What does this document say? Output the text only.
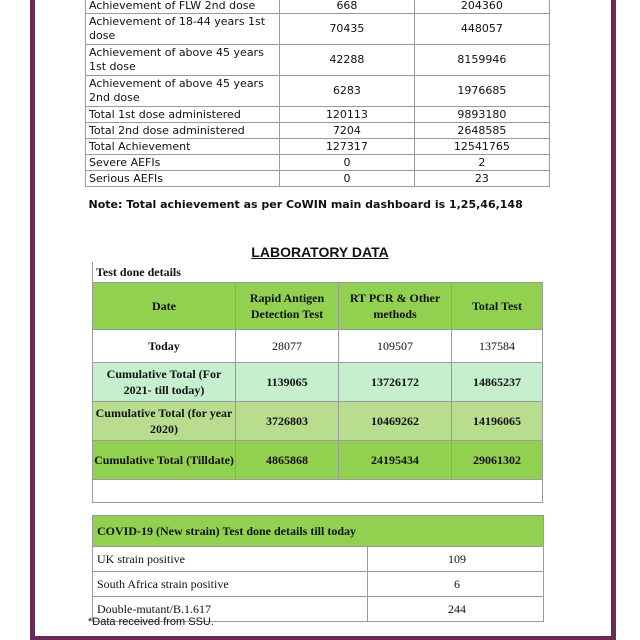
Achievement of FLW 2nd dose	668	204360
Achievement of 18-44 years 1st dose	70435	448057
Achievement of above 45 years 1st dose	42288	8159946
Achievement of above 45 years 2nd dose	6283	1976685
Total 1st dose administered	120113	9893180
Total 2nd dose administered	7204	2648585
Total Achievement	127317	12541765
Severe AEFIs	0	2
Serious AEFIs	0	23
Note: Total achievement as per CoWIN main dashboard is 1,25,46,148		
LABORATORY DATA
Test done details			
Date	Rapid Antigen Detection Test	RT PCR & Other methods	Total Test
Today	28077	109507	137584
Cumulative Total (For 2021- till today)	1139065	13726172	14865237
Cumulative Total (for year 2020)	3726803	10469262	14196065
Cumulative Total (Tilldate)	4865868	24195434	29061302

COVID-19 (New strain) Test done details till today	
UK strain positive	109
South Africa strain positive	6
Double-mutant/B.1.617	244
*Data received from SSU.
